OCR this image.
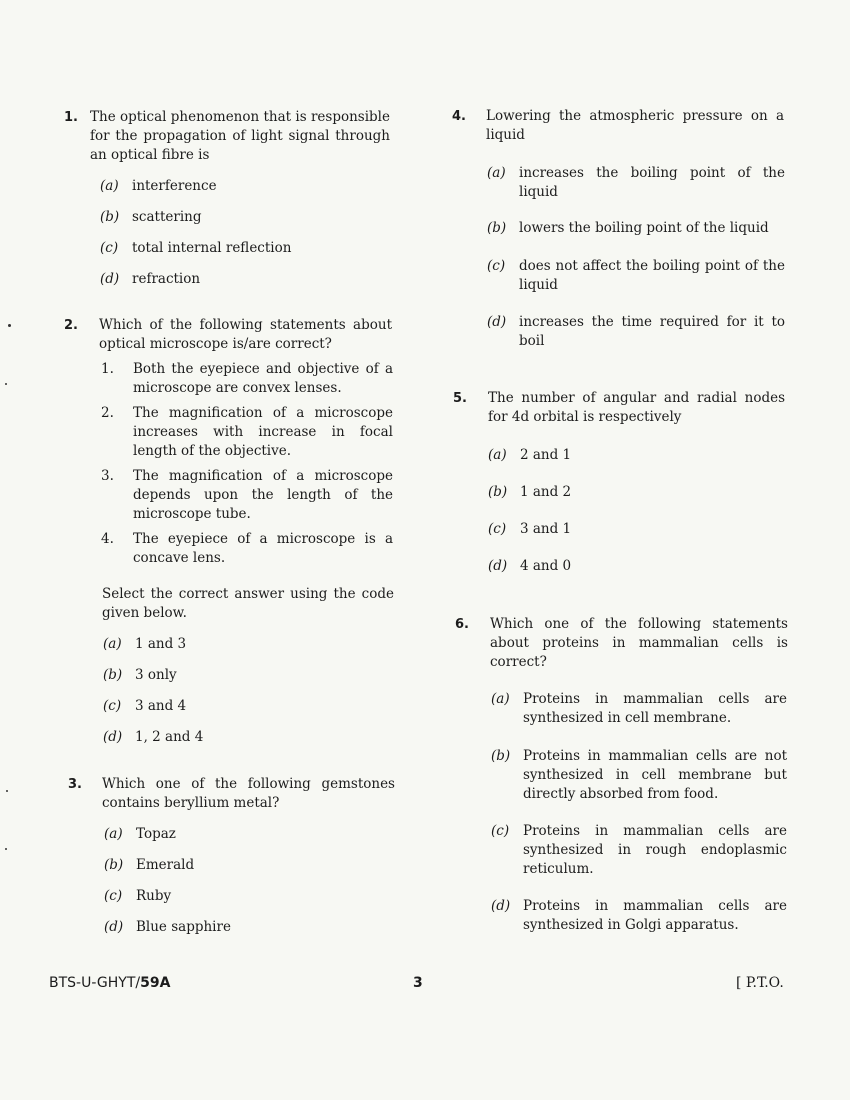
1. The optical phenomenon that is responsible for the propagation of light signal through an optical fibre is
(a) interference
(b) scattering
(c)	total internal reflection
(d) refraction
2.	Which of the following statements about optical microscope is/are correct?
1.	Both the eyepiece and objective of a microscope are convex lenses.
2.	The magnification of a microscope increases with increase in focal length of the objective.
3.	The magnification of a microscope depends upon the length of the microscope tube.
4.	The eyepiece of a microscope is a concave lens.
Select the correct answer using the code given below.
(a) 1 and 3
(b) 3 only
(c)	3 and 4
(d) 1, 2 and 4
3.	Which one of the following gemstones contains beryllium metal?
(a) Topaz
(b) Emerald
(c)	Ruby
(d) Blue sapphire
4.	Lowering the atmospheric pressure on a liquid
(a) increases the boiling point of the liquid
(b) lowers the boiling point of the liquid
(c)	does not affect the boiling point of the liquid
(d) increases the time required for it to boil
5.	The number of angular and radial nodes for 4d orbital is respectively
(a) 2 and 1
(b) 1 and 2
(c)	3 and 1
(d) 4 and 0
6.	Which one of the following statements about proteins in mammalian cells is correct?
(a) Proteins in mammalian cells are synthesized in cell membrane.
(b) Proteins in mammalian cells are not synthesized in cell membrane but directly absorbed from food.
(c)	Proteins in mammalian cells are synthesized in rough endoplasmic reticulum.
(d) Proteins in mammalian cells are synthesized in Golgi apparatus.
BTS-U-GHYT/59A	3	[ P.T.O.
